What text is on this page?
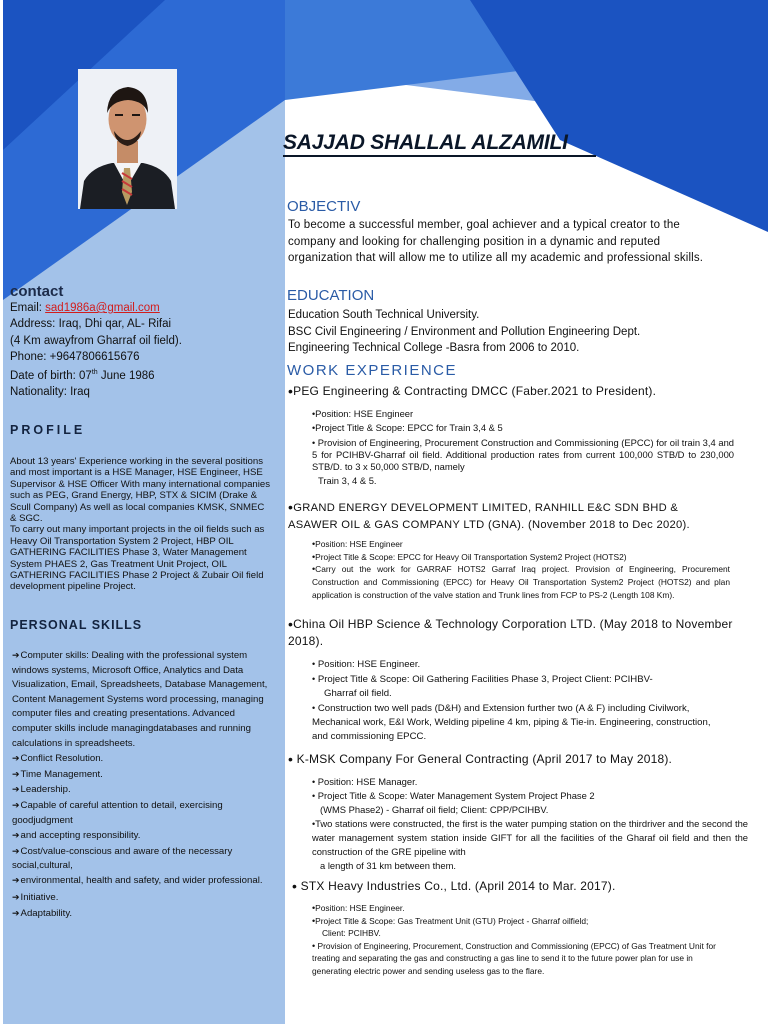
contact
Email: sad1986a@gmail.com
Address: Iraq, Dhi qar, AL- Rifai
(4 Km awayfrom Gharraf oil field).
Phone: +9647806615676
Date of birth: 07th June 1986
Nationality: Iraq
PROFILE

About 13 years' Experience working in the several positions and most important is a HSE Manager, HSE Engineer, HSE Supervisor & HSE Officer With many international companies such as PEG, Grand Energy, HBP, STX & SICIM (Drake & Scull Company) As well as local companies KMSK, SNMEC & SGC.

To carry out many important projects in the oil fields such as Heavy Oil Transportation System 2 Project, HBP OIL GATHERING FACILITIES Phase 3, Water Management System PHAES 2, Gas Treatment Unit Project, OIL GATHERING FACILITIES Phase 2 Project & Zubair Oil field development pipeline Project.

PERSONAL SKILLS

➔Computer skills: Dealing with the professional system windows systems, Microsoft Office, Analytics and Data Visualization, Email, Spreadsheets, Database Management, Content Management Systems word processing, managing computer files and creating presentations. Advanced computer skills include managingdatabases and running calculations in spreadsheets.

➔Conflict Resolution.

➔Time Management.

➔Leadership.

➔Capable of careful attention to detail, exercising goodjudgment

➔and accepting responsibility.

➔Cost/value-conscious and aware of the necessary social,cultural,

➔environmental, health and safety, and wider professional.

➔Initiative.

➔Adaptability.

SAJJAD SHALLAL ALZAMILI
OBJECTIV
To become a successful member, goal achiever and a typical creator to the company and looking for challenging position in a dynamic and reputed organization that will allow me to utilize all my academic and professional skills.
EDUCATION
Education South Technical University.
BSC Civil Engineering / Environment and Pollution Engineering Dept.
Engineering Technical College -Basra from 2006 to 2010.
WORK EXPERIENCE
•PEG Engineering & Contracting DMCC (Faber.2021 to President).

•Position: HSE Engineer

•Project Title & Scope: EPCC for Train 3,4 & 5

• Provision of Engineering, Procurement Construction and Commissioning (EPCC) for oil train 3,4 and 5 for PCIHBV-Gharraf oil field. Additional production rates from current 100,000 STB/D to 230,000 STB/D. to 3 x 50,000 STB/D, namely

Train 3, 4 & 5.

•GRAND ENERGY DEVELOPMENT LIMITED, RANHILL E&C SDN BHD & ASAWER OIL & GAS COMPANY LTD (GNA). (November 2018 to Dec 2020).

•Position: HSE Engineer

•Project Title & Scope: EPCC for Heavy Oil Transportation System2 Project (HOTS2)

•Carry out the work for GARRAF HOTS2 Garraf Iraq project. Provision of Engineering, Procurement Construction and Commissioning (EPCC) for Heavy Oil Transportation System2 Project (HOTS2) and plan application is construction of the valve station and Trunk lines from FCP to PS-2 (Length 108 Km).

•China Oil HBP Science & Technology Corporation LTD. (May 2018 to November 2018).

• Position: HSE Engineer.

• Project Title & Scope: Oil Gathering Facilities Phase 3, Project Client: PCIHBV-

Gharraf oil field.

• Construction two well pads (D&H) and Extension further two (A & F) including Civilwork, Mechanical work, E&I Work, Welding pipeline 4 km, piping & Tie-in. Engineering, construction, and commissioning EPCC.

• K-MSK Company For General Contracting (April 2017 to May 2018).

• Position: HSE Manager.

• Project Title & Scope: Water Management System Project Phase 2

(WMS Phase2) - Gharraf oil field; Client: CPP/PCIHBV.

•Two stations were constructed, the first is the water pumping station on the thirdriver and the second the water management system station inside GIFT for all the facilities of the Gharaf oil field and then the construction of the GRE pipeline with

a length of 31 km between them.

• STX Heavy Industries Co., Ltd. (April 2014 to Mar. 2017).

•Position: HSE Engineer.

•Project Title & Scope: Gas Treatment Unit (GTU) Project - Gharraf oilfield;

Client: PCIHBV.

• Provision of Engineering, Procurement, Construction and Commissioning (EPCC) of Gas Treatment Unit for treating and separating the gas and constructing a gas line to send it to the future power plan for use in generating electric power and sending useless gas to the flare.
